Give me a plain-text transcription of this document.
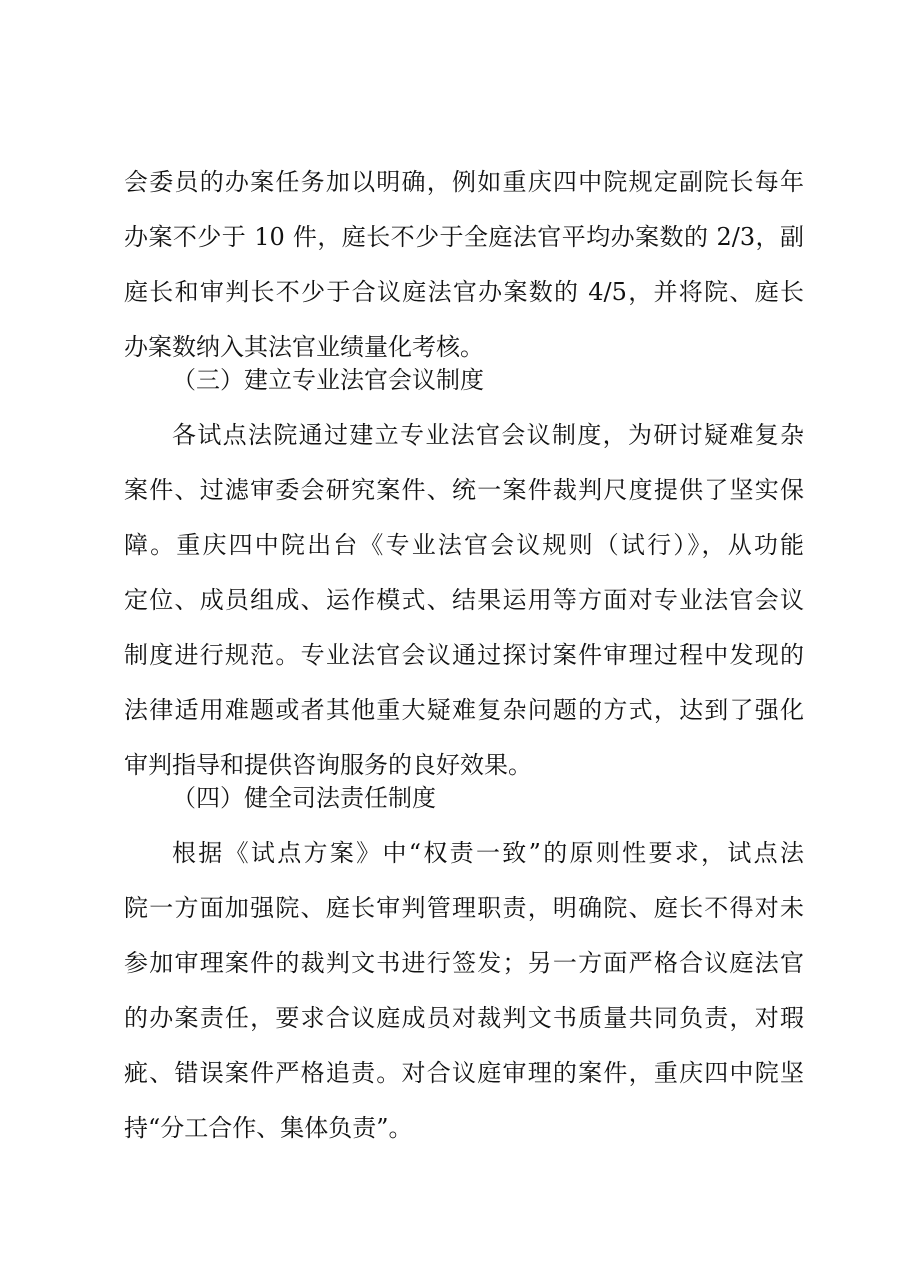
会委员的办案任务加以明确，例如重庆四中院规定副院长每年
办案不少于 10 件，庭长不少于全庭法官平均办案数的 2/3，副
庭长和审判长不少于合议庭法官办案数的 4/5，并将院、庭长
办案数纳入其法官业绩量化考核。
（三）建立专业法官会议制度
各试点法院通过建立专业法官会议制度，为研讨疑难复杂
案件、过滤审委会研究案件、统一案件裁判尺度提供了坚实保
障。重庆四中院出台《专业法官会议规则（试行）》，从功能
定位、成员组成、运作模式、结果运用等方面对专业法官会议
制度进行规范。专业法官会议通过探讨案件审理过程中发现的
法律适用难题或者其他重大疑难复杂问题的方式，达到了强化
审判指导和提供咨询服务的良好效果。
（四）健全司法责任制度
根据《试点方案》中“权责一致”的原则性要求，试点法
院一方面加强院、庭长审判管理职责，明确院、庭长不得对未
参加审理案件的裁判文书进行签发；另一方面严格合议庭法官
的办案责任，要求合议庭成员对裁判文书质量共同负责，对瑕
疵、错误案件严格追责。对合议庭审理的案件，重庆四中院坚
持“分工合作、集体负责”。
